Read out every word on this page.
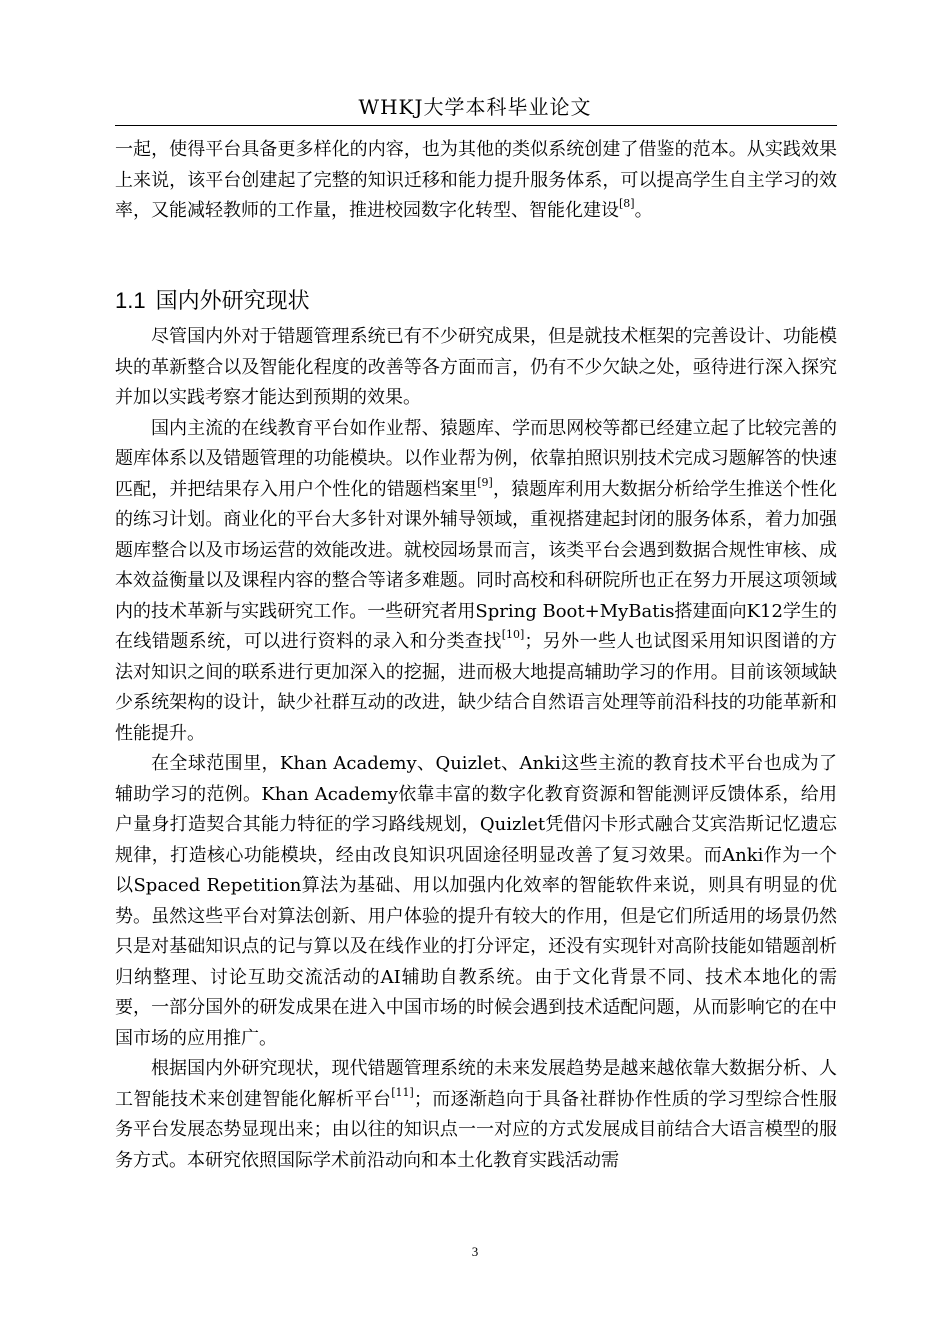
WHKJ大学本科毕业论文

一起，使得平台具备更多样化的内容，也为其他的类似系统创建了借鉴的范本。从实践效果上来说，该平台创建起了完整的知识迁移和能力提升服务体系，可以提高学生自主学习的效率，又能减轻教师的工作量，推进校园数字化转型、智能化建设[8]。

1.1 国内外研究现状

尽管国内外对于错题管理系统已有不少研究成果，但是就技术框架的完善设计、功能模块的革新整合以及智能化程度的改善等各方面而言，仍有不少欠缺之处，亟待进行深入探究并加以实践考察才能达到预期的效果。

国内主流的在线教育平台如作业帮、猿题库、学而思网校等都已经建立起了比较完善的题库体系以及错题管理的功能模块。以作业帮为例，依靠拍照识别技术完成习题解答的快速匹配，并把结果存入用户个性化的错题档案里[9]，猿题库利用大数据分析给学生推送个性化的练习计划。商业化的平台大多针对课外辅导领域，重视搭建起封闭的服务体系，着力加强题库整合以及市场运营的效能改进。就校园场景而言，该类平台会遇到数据合规性审核、成本效益衡量以及课程内容的整合等诸多难题。同时高校和科研院所也正在努力开展这项领域内的技术革新与实践研究工作。一些研究者用Spring Boot+MyBatis搭建面向K12学生的在线错题系统，可以进行资料的录入和分类查找[10]；另外一些人也试图采用知识图谱的方法对知识之间的联系进行更加深入的挖掘，进而极大地提高辅助学习的作用。目前该领域缺少系统架构的设计，缺少社群互动的改进，缺少结合自然语言处理等前沿科技的功能革新和性能提升。

在全球范围里，Khan Academy、Quizlet、Anki这些主流的教育技术平台也成为了辅助学习的范例。Khan Academy依靠丰富的数字化教育资源和智能测评反馈体系，给用户量身打造契合其能力特征的学习路线规划，Quizlet凭借闪卡形式融合艾宾浩斯记忆遗忘规律，打造核心功能模块，经由改良知识巩固途径明显改善了复习效果。而Anki作为一个以Spaced Repetition算法为基础、用以加强内化效率的智能软件来说，则具有明显的优势。虽然这些平台对算法创新、用户体验的提升有较大的作用，但是它们所适用的场景仍然只是对基础知识点的记与算以及在线作业的打分评定，还没有实现针对高阶技能如错题剖析归纳整理、讨论互助交流活动的AI辅助自教系统。由于文化背景不同、技术本地化的需要，一部分国外的研发成果在进入中国市场的时候会遇到技术适配问题，从而影响它的在中国市场的应用推广。

根据国内外研究现状，现代错题管理系统的未来发展趋势是越来越依靠大数据分析、人工智能技术来创建智能化解析平台[11]；而逐渐趋向于具备社群协作性质的学习型综合性服务平台发展态势显现出来；由以往的知识点一一对应的方式发展成目前结合大语言模型的服务方式。本研究依照国际学术前沿动向和本土化教育实践活动需

3
